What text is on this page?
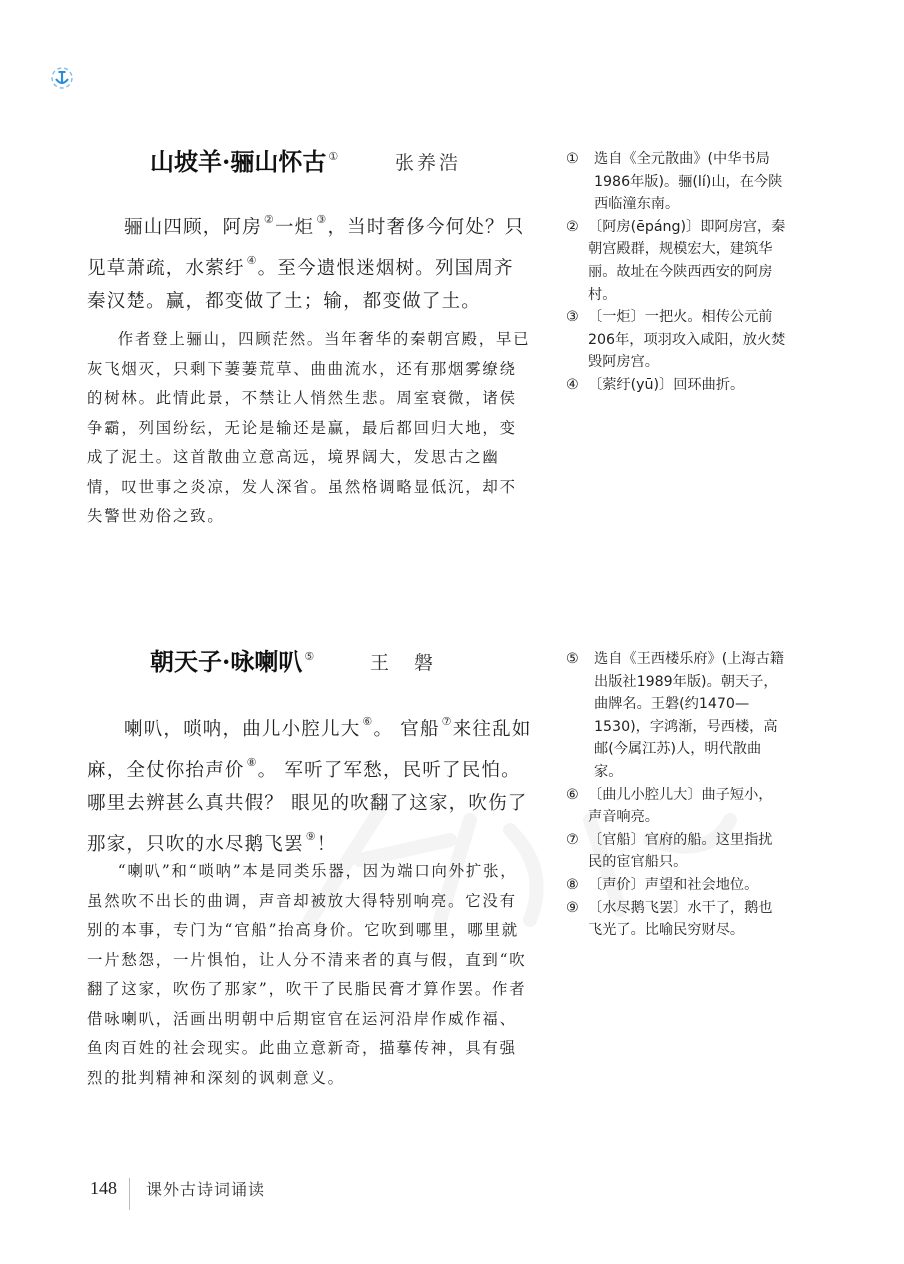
山坡羊·骊山怀古 ①	张养浩

骊山四顾，阿房 ②一炬 ③，当时奢侈今何处？只见草萧疏，水萦纡 ④。至今遗恨迷烟树。列国周齐秦汉楚。赢，都变做了土；输，都变做了土。

作者登上骊山，四顾茫然。当年奢华的秦朝宫殿，早已灰飞烟灭，只剩下萋萋荒草、曲曲流水，还有那烟雾缭绕的树林。此情此景，不禁让人悄然生悲。周室衰微，诸侯争霸，列国纷纭，无论是输还是赢，最后都回归大地，变成了泥土。这首散曲立意高远，境界阔大，发思古之幽情，叹世事之炎凉，发人深省。虽然格调略显低沉，却不失警世劝俗之致。

①	选自《全元散曲》(中华书局1986年版)。骊(lí)山，在今陕西临潼东南。
② 〔阿房(ēpáng)〕即阿房宫，秦朝宫殿群，规模宏大，建筑华丽。故址在今陕西西安的阿房村。
③ 〔一炬〕一把火。相传公元前206年，项羽攻入咸阳，放火焚毁阿房宫。
④ 〔萦纡(yū)〕回环曲折。
朝天子·咏喇叭 ⑤	王　磐

喇叭，唢呐，曲儿小腔儿大 ⑥。 官船 ⑦来往乱如麻，全仗你抬声价 ⑧。 军听了军愁，民听了民怕。 哪里去辨甚么真共假？ 眼见的吹翻了这家，吹伤了那家，只吹的水尽鹅飞罢 ⑨！

“喇叭”和“唢呐”本是同类乐器，因为端口向外扩张，虽然吹不出长的曲调，声音却被放大得特别响亮。它没有别的本事，专门为“官船”抬高身价。它吹到哪里，哪里就一片愁怨，一片惧怕，让人分不清来者的真与假，直到“吹翻了这家，吹伤了那家”，吹干了民脂民膏才算作罢。作者借咏喇叭，活画出明朝中后期宦官在运河沿岸作威作福、鱼肉百姓的社会现实。此曲立意新奇，描摹传神，具有强烈的批判精神和深刻的讽刺意义。

⑤	选自《王西楼乐府》(上海古籍出版社1989年版)。朝天子，曲牌名。王磐(约1470—1530)，字鸿渐，号西楼，高邮(今属江苏)人，明代散曲家。
⑥ 〔曲儿小腔儿大〕曲子短小，声音响亮。
⑦ 〔官船〕官府的船。这里指扰民的宦官船只。
⑧ 〔声价〕声望和社会地位。
⑨ 〔水尽鹅飞罢〕水干了，鹅也飞光了。比喻民穷财尽。
148 课外古诗词诵读
